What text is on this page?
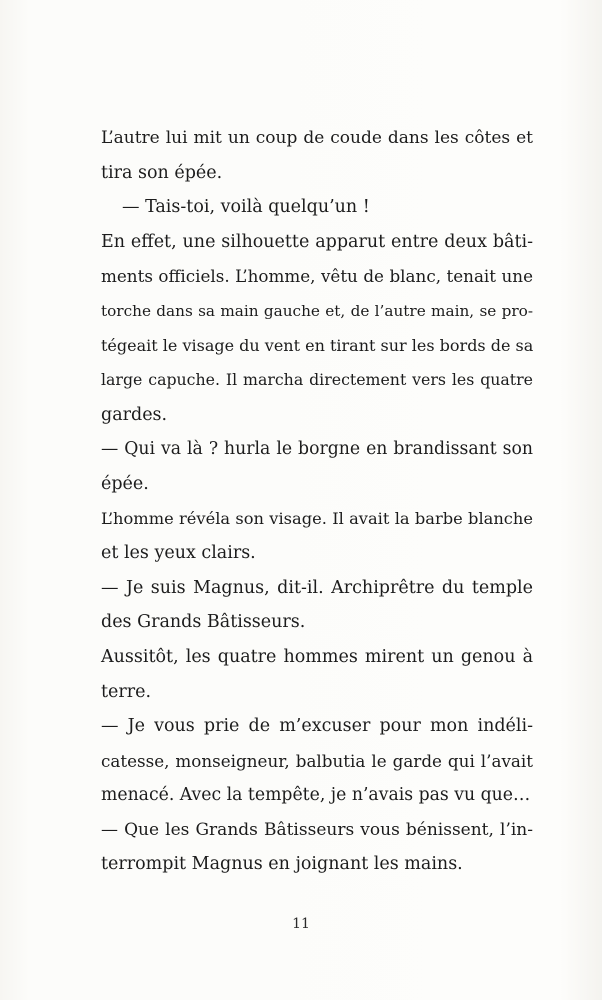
L’autre lui mit un coup de coude dans les côtes et
tira son épée.
— Tais-toi, voilà quelqu’un !
En effet, une silhouette apparut entre deux bâti-
ments officiels. L’homme, vêtu de blanc, tenait une
torche dans sa main gauche et, de l’autre main, se pro-
tégeait le visage du vent en tirant sur les bords de sa
large capuche. Il marcha directement vers les quatre
gardes.
— Qui va là ? hurla le borgne en brandissant son
épée.
L’homme révéla son visage. Il avait la barbe blanche
et les yeux clairs.
— Je suis Magnus, dit-il. Archiprêtre du temple
des Grands Bâtisseurs.
Aussitôt, les quatre hommes mirent un genou à
terre.
— Je vous prie de m’excuser pour mon indéli-
catesse, monseigneur, balbutia le garde qui l’avait
menacé. Avec la tempête, je n’avais pas vu que…
— Que les Grands Bâtisseurs vous bénissent, l’in-
terrompit Magnus en joignant les mains.
11
